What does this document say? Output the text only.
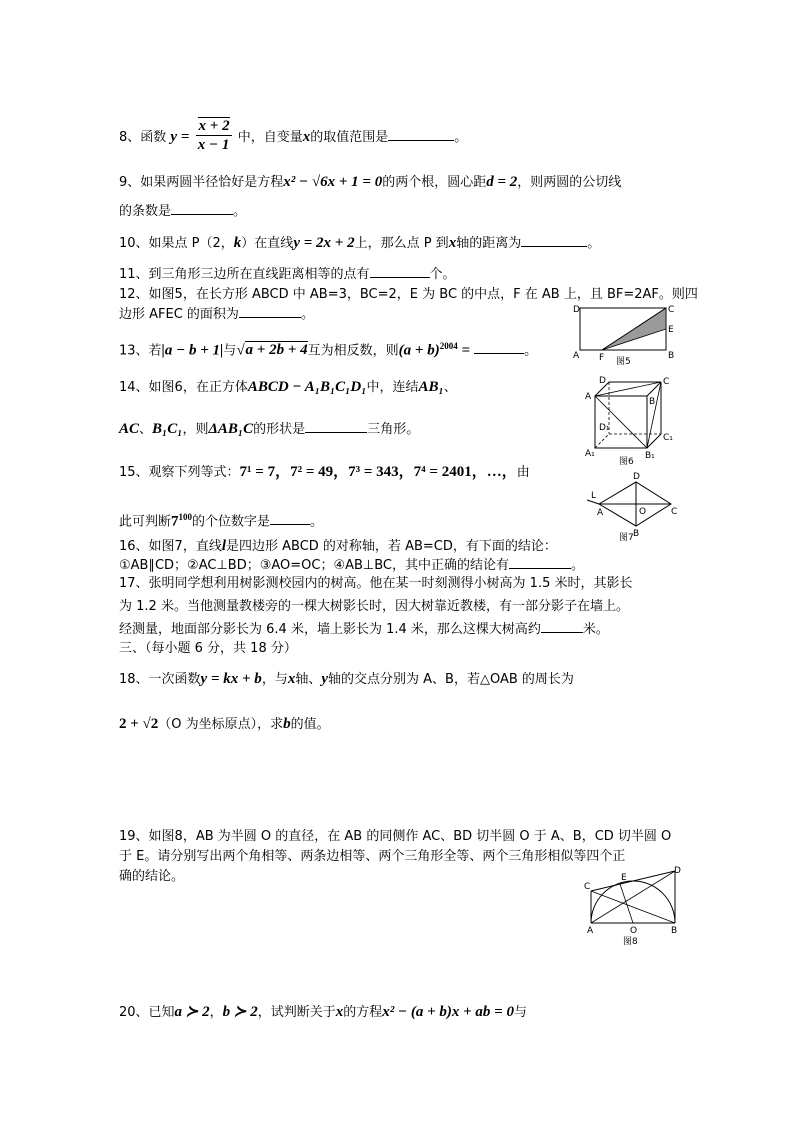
8、函数 $y = \frac{x + 2}{x - 1}$ 中，自变量x的取值范围是	。
9、如果两圆半径恰好是方程x² − √6x + 1 = 0的两个根，圆心距d = 2，则两圆的公切线
的条数是	。
10、如果点 P（2，k）在直线y = 2x + 2上，那么点 P 到x轴的距离为	。
11、到三角形三边所在直线距离相等的点有	个。
12、如图5，在长方形 ABCD 中 AB=3，BC=2，E 为 BC 的中点，F 在 AB 上，且 BF=2AF。则四
边形 AFEC 的面积为	。	D
A F
E
C
B
图5
13、若|a − b + 1|与√a + 2b + 4互为相反数，则$(a + b)^{2004}$ =	。
14、如图6，在正方体ABCD − A₁B₁C₁D₁中，连结AB₁、
AC、B₁C₁，则ΔAB₁C的形状是	三角形。
D	C
A	B
D₁
C₁
A₁	B₁
图6
15、观察下列等式：7¹ = 7，7² = 49，7³ = 343，7⁴ = 2401，…，由
此可判断$7^{100}$的个位数字是	。
L
A
D
O	C
B
图7
16、如图7，直线l是四边形 ABCD 的对称轴，若 AB=CD，有下面的结论：
①AB∥CD；②AC⊥BD；③AO=OC；④AB⊥BC，其中正确的结论有	。
17、张明同学想利用树影测校园内的树高。他在某一时刻测得小树高为 1.5 米时，其影长
为 1.2 米。当他测量教楼旁的一棵大树影长时，因大树靠近教楼，有一部分影子在墙上。
经测量，地面部分影长为 6.4 米，墙上影长为 1.4 米，那么这棵大树高约	米。
三、（每小题 6 分，共 18 分）
18、一次函数y = kx + b，与x轴、y轴的交点分别为 A、B，若△OAB 的周长为
2 + √2（O 为坐标原点），求b的值。
19、如图8，AB 为半圆 O 的直径，在 AB 的同侧作 AC、BD 切半圆 O 于 A、B，CD 切半圆 O
于 E。请分别写出两个角相等、两条边相等、两个三角形全等、两个三角形相似等四个正
确的结论。
C
E
D
A	O	B
图8
20、已知a ≻ 2，b ≻ 2，试判断关于x的方程x² − (a + b)x + ab = 0与
